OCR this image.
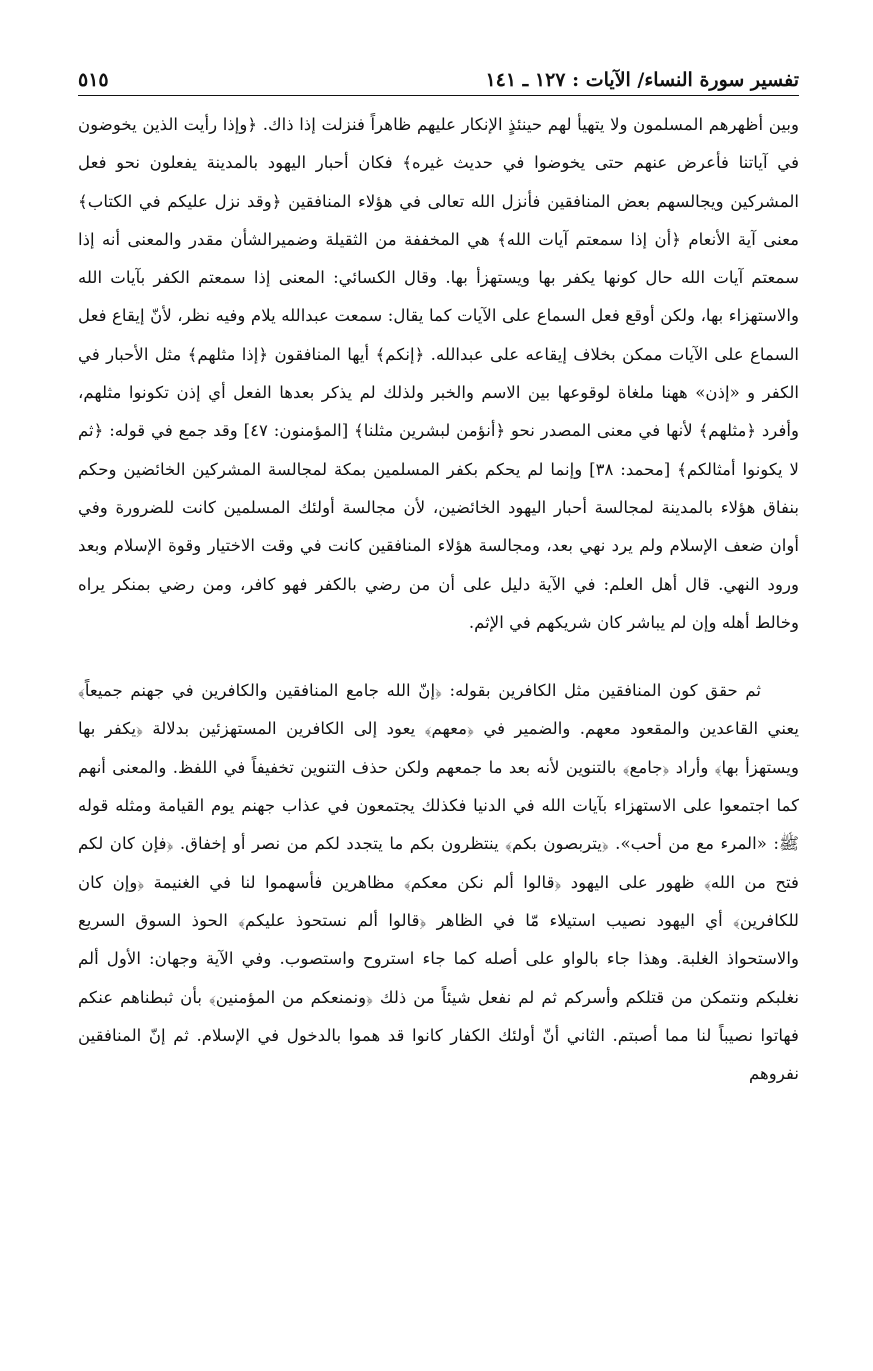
تفسير سورة النساء/ الآيات : ١٢٧ ـ ١٤١
٥١٥

وبين أظهرهم المسلمون ولا يتهيأ لهم حينئذٍ الإنكار عليهم ظاهراً فنزلت إذا ذاك. ﴿وإذا رأيت الذين يخوضون في آياتنا فأعرض عنهم حتى يخوضوا في حديث غيره﴾ فكان أحبار اليهود بالمدينة يفعلون نحو فعل المشركين ويجالسهم بعض المنافقين فأنزل الله تعالى في هؤلاء المنافقين ﴿وقد نزل عليكم في الكتاب﴾ معنى آية الأنعام ﴿أن إذا سمعتم آيات الله﴾ هي المخففة من الثقيلة وضميرالشأن مقدر والمعنى أنه إذا سمعتم آيات الله حال كونها يكفر بها ويستهزأ بها. وقال الكسائي: المعنى إذا سمعتم الكفر بآيات الله والاستهزاء بها، ولكن أوقع فعل السماع على الآيات كما يقال: سمعت عبدالله يلام وفيه نظر، لأنّ إيقاع فعل السماع على الآيات ممكن بخلاف إيقاعه على عبدالله. ﴿إنكم﴾ أيها المنافقون ﴿إذا مثلهم﴾ مثل الأحبار في الكفر و «إذن» ههنا ملغاة لوقوعها بين الاسم والخبر ولذلك لم يذكر بعدها الفعل أي إذن تكونوا مثلهم، وأفرد ﴿مثلهم﴾ لأنها في معنى المصدر نحو ﴿أنؤمن لبشرين مثلنا﴾ [المؤمنون: ٤٧] وقد جمع في قوله: ﴿ثم لا يكونوا أمثالكم﴾ [محمد: ٣٨] وإنما لم يحكم بكفر المسلمين بمكة لمجالسة المشركين الخائضين وحكم بنفاق هؤلاء بالمدينة لمجالسة أحبار اليهود الخائضين، لأن مجالسة أولئك المسلمين كانت للضرورة وفي أوان ضعف الإسلام ولم يرد نهي بعد، ومجالسة هؤلاء المنافقين كانت في وقت الاختيار وقوة الإسلام وبعد ورود النهي. قال أهل العلم: في الآية دليل على أن من رضي بالكفر فهو كافر، ومن رضي بمنكر يراه وخالط أهله وإن لم يباشر كان شريكهم في الإثم.

ثم حقق كون المنافقين مثل الكافرين بقوله: ﴿إنّ الله جامع المنافقين والكافرين في جهنم جميعاً﴾ يعني القاعدين والمقعود معهم. والضمير في ﴿معهم﴾ يعود إلى الكافرين المستهزئين بدلالة ﴿يكفر بها ويستهزأ بها﴾ وأراد ﴿جامع﴾ بالتنوين لأنه بعد ما جمعهم ولكن حذف التنوين تخفيفاً في اللفظ. والمعنى أنهم كما اجتمعوا على الاستهزاء بآيات الله في الدنيا فكذلك يجتمعون في عذاب جهنم يوم القيامة ومثله قوله ﷺ: «المرء مع من أحب». ﴿يتربصون بكم﴾ ينتظرون بكم ما يتجدد لكم من نصر أو إخفاق. ﴿فإن كان لكم فتح من الله﴾ ظهور على اليهود ﴿قالوا ألم نكن معكم﴾ مظاهرين فأسهموا لنا في الغنيمة ﴿وإن كان للكافرين﴾ أي اليهود نصيب استيلاء مّا في الظاهر ﴿قالوا ألم نستحوذ عليكم﴾ الحوذ السوق السريع والاستحواذ الغلبة. وهذا جاء بالواو على أصله كما جاء استروح واستصوب. وفي الآية وجهان: الأول ألم نغلبكم ونتمكن من قتلكم وأسركم ثم لم نفعل شيئاً من ذلك ﴿ونمنعكم من المؤمنين﴾ بأن ثبطناهم عنكم فهاتوا نصيباً لنا مما أصبتم. الثاني أنّ أولئك الكفار كانوا قد هموا بالدخول في الإسلام. ثم إنّ المنافقين نفروهم
